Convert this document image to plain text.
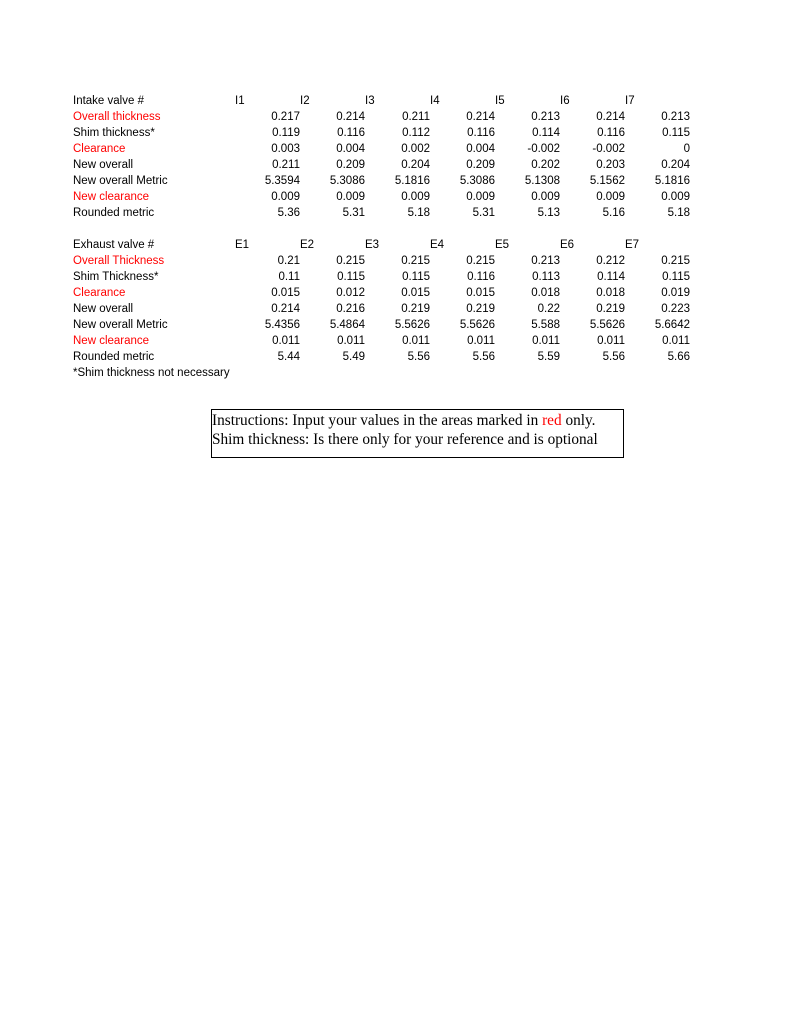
Intake valve #	I1	I2	I3	I4	I5	I6	I7
Overall thickness	0.217	0.214	0.211	0.214	0.213	0.214	0.213
Shim thickness*	0.119	0.116	0.112	0.116	0.114	0.116	0.115
Clearance	0.003	0.004	0.002	0.004	-0.002	-0.002	0
New overall	0.211	0.209	0.204	0.209	0.202	0.203	0.204
New overall Metric	5.3594	5.3086	5.1816	5.3086	5.1308	5.1562	5.1816
New clearance	0.009	0.009	0.009	0.009	0.009	0.009	0.009
Rounded metric	5.36	5.31	5.18	5.31	5.13	5.16	5.18

Exhaust valve #	E1	E2	E3	E4	E5	E6	E7
Overall Thickness	0.21	0.215	0.215	0.215	0.213	0.212	0.215
Shim Thickness*	0.11	0.115	0.115	0.116	0.113	0.114	0.115
Clearance	0.015	0.012	0.015	0.015	0.018	0.018	0.019
New overall	0.214	0.216	0.219	0.219	0.22	0.219	0.223
New overall Metric	5.4356	5.4864	5.5626	5.5626	5.588	5.5626	5.6642
New clearance	0.011	0.011	0.011	0.011	0.011	0.011	0.011
Rounded metric	5.44	5.49	5.56	5.56	5.59	5.56	5.66
*Shim thickness not necessary
Instructions: Input your values in the areas marked in red only.
Shim thickness: Is there only for your reference and is optional
